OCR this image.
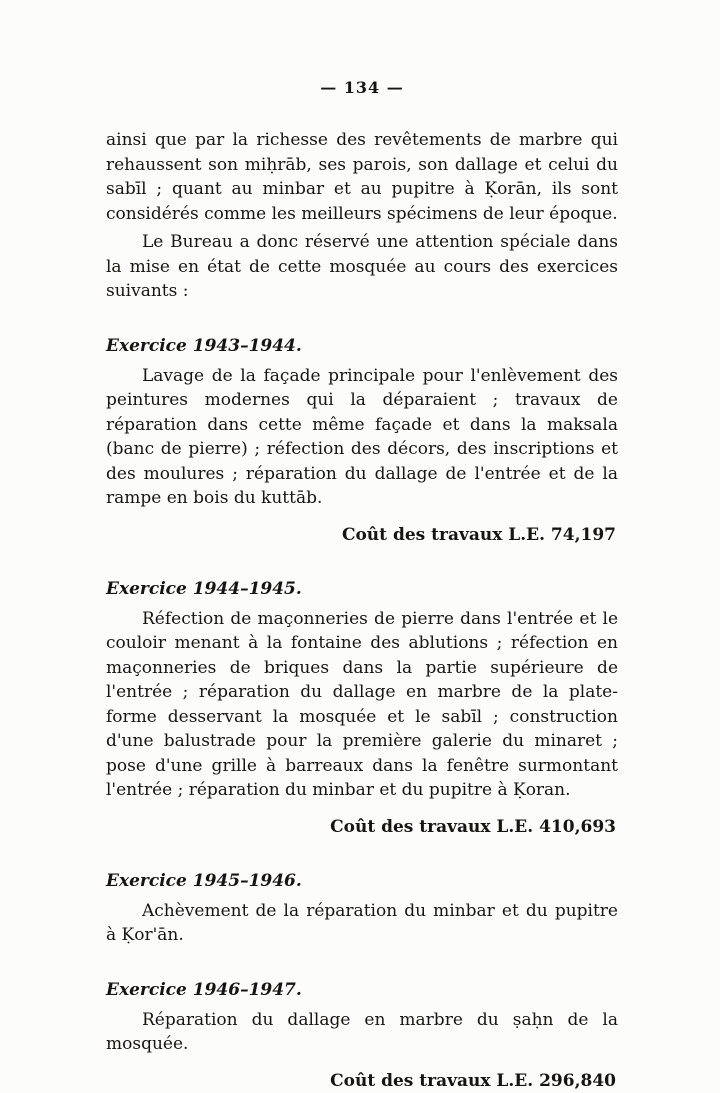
— 134 —

ainsi que par la richesse des revêtements de marbre qui rehaussent son miḥrāb, ses parois, son dallage et celui du sabīl ; quant au minbar et au pupitre à Ḳorān, ils sont considérés comme les meilleurs spécimens de leur époque.

Le Bureau a donc réservé une attention spéciale dans la mise en état de cette mosquée au cours des exercices suivants :

Exercice 1943–1944.

Lavage de la façade principale pour l'enlèvement des peintures modernes qui la déparaient ; travaux de réparation dans cette même façade et dans la maksala (banc de pierre) ; réfection des décors, des inscriptions et des moulures ; réparation du dallage de l'entrée et de la rampe en bois du kuttāb.

Coût des travaux L.E. 74,197

Exercice 1944–1945.

Réfection de maçonneries de pierre dans l'entrée et le couloir menant à la fontaine des ablutions ; réfection en maçonneries de briques dans la partie supérieure de l'entrée ; réparation du dallage en marbre de la plate-forme desservant la mosquée et le sabīl ; construction d'une balustrade pour la première galerie du minaret ; pose d'une grille à barreaux dans la fenêtre surmontant l'entrée ; réparation du minbar et du pupitre à Ḳoran.

Coût des travaux L.E. 410,693

Exercice 1945–1946.

Achèvement de la réparation du minbar et du pupitre à Ḳor'ān.

Exercice 1946–1947.

Réparation du dallage en marbre du ṣaḥn de la mosquée.

Coût des travaux L.E. 296,840
